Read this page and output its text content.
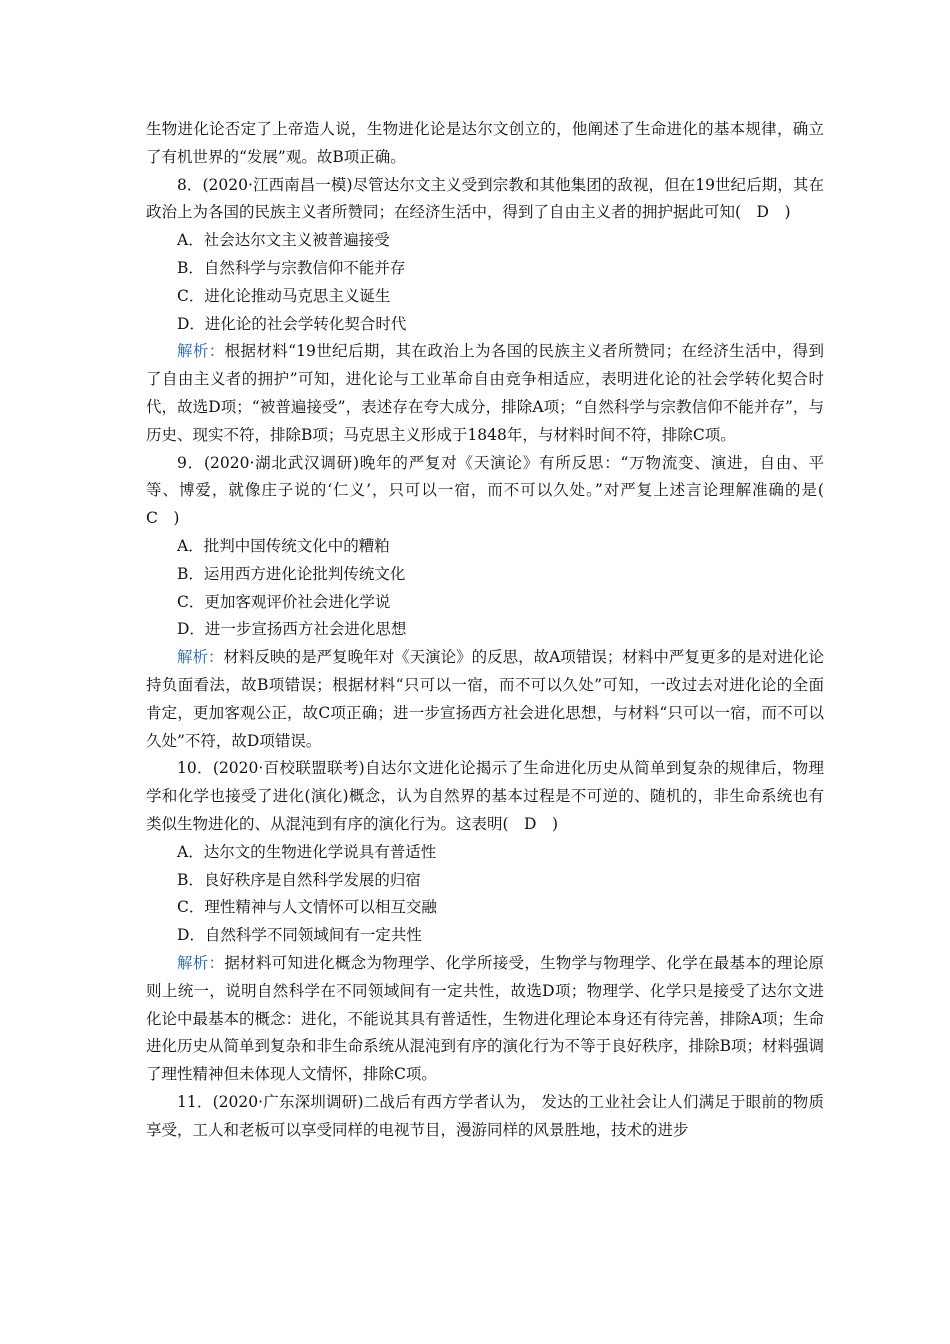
生物进化论否定了上帝造人说，生物进化论是达尔文创立的，他阐述了生命进化的基本规律，确立了有机世界的“发展”观。故B项正确。

8．(2020·江西南昌一模)尽管达尔文主义受到宗教和其他集团的敌视，但在19世纪后期，其在政治上为各国的民族主义者所赞同；在经济生活中，得到了自由主义者的拥护据此可知(　D　)

A．社会达尔文主义被普遍接受

B．自然科学与宗教信仰不能并存

C．进化论推动马克思主义诞生

D．进化论的社会学转化契合时代

解析：根据材料“19世纪后期，其在政治上为各国的民族主义者所赞同；在经济生活中，得到了自由主义者的拥护”可知，进化论与工业革命自由竞争相适应，表明进化论的社会学转化契合时代，故选D项；“被普遍接受”，表述存在夸大成分，排除A项；“自然科学与宗教信仰不能并存”，与历史、现实不符，排除B项；马克思主义形成于1848年，与材料时间不符，排除C项。

9．(2020·湖北武汉调研)晚年的严复对《天演论》有所反思：“万物流变、演进，自由、平等、博爱，就像庄子说的‘仁义’，只可以一宿，而不可以久处。”对严复上述言论理解准确的是(　C　)

A．批判中国传统文化中的糟粕

B．运用西方进化论批判传统文化

C．更加客观评价社会进化学说

D．进一步宣扬西方社会进化思想

解析：材料反映的是严复晚年对《天演论》的反思，故A项错误；材料中严复更多的是对进化论持负面看法，故B项错误；根据材料“只可以一宿，而不可以久处”可知，一改过去对进化论的全面肯定，更加客观公正，故C项正确；进一步宣扬西方社会进化思想，与材料“只可以一宿，而不可以久处”不符，故D项错误。

10．(2020·百校联盟联考)自达尔文进化论揭示了生命进化历史从简单到复杂的规律后，物理学和化学也接受了进化(演化)概念，认为自然界的基本过程是不可逆的、随机的，非生命系统也有类似生物进化的、从混沌到有序的演化行为。这表明(　D　)

A．达尔文的生物进化学说具有普适性

B．良好秩序是自然科学发展的归宿

C．理性精神与人文情怀可以相互交融

D．自然科学不同领域间有一定共性

解析：据材料可知进化概念为物理学、化学所接受，生物学与物理学、化学在最基本的理论原则上统一，说明自然科学在不同领域间有一定共性，故选D项；物理学、化学只是接受了达尔文进化论中最基本的概念：进化，不能说其具有普适性，生物进化理论本身还有待完善，排除A项；生命进化历史从简单到复杂和非生命系统从混沌到有序的演化行为不等于良好秩序，排除B项；材料强调了理性精神但未体现人文情怀，排除C项。

11．(2020·广东深圳调研)二战后有西方学者认为， 发达的工业社会让人们满足于眼前的物质享受，工人和老板可以享受同样的电视节目，漫游同样的风景胜地，技术的进步
